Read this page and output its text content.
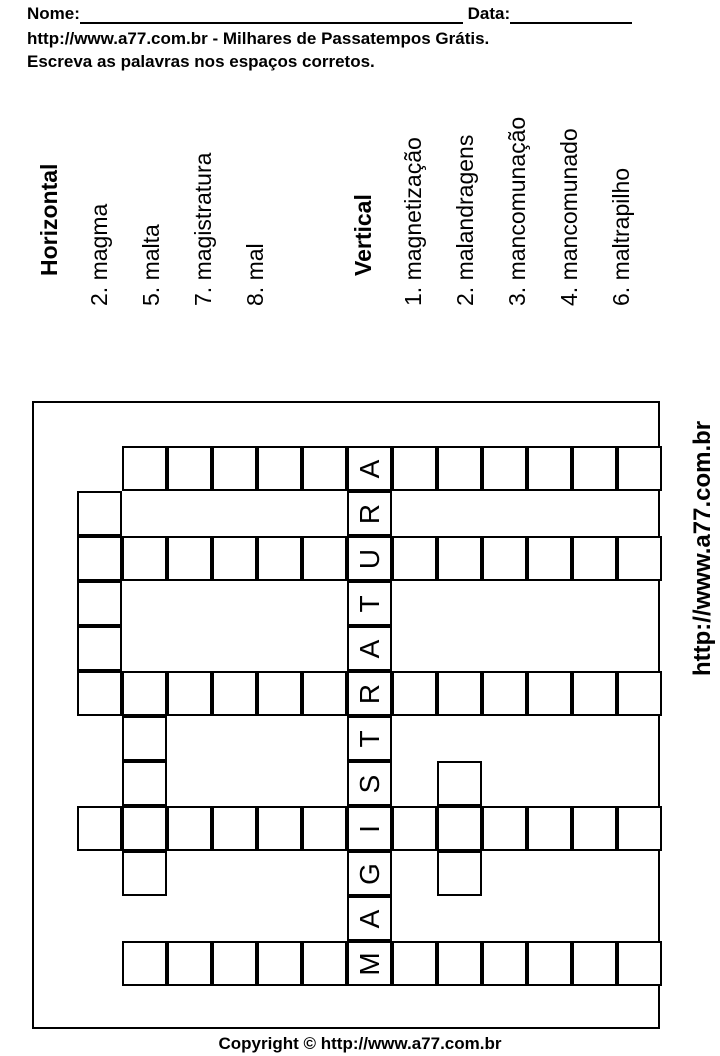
Nome:	Data:
http://www.a77.com.br - Milhares de Passatempos Grátis.
Escreva as palavras nos espaços corretos.
Horizontal 2. magma 5. malta 7. magistratura 8. mal	Vertical 1. magnetização 2. malandragens 3. mancomunação 4. mancomunado 6. maltrapilho
http://www.a77.com.br
A
R
U
T
A
R
T
S
I
G
A
M
Copyright © http://www.a77.com.br
